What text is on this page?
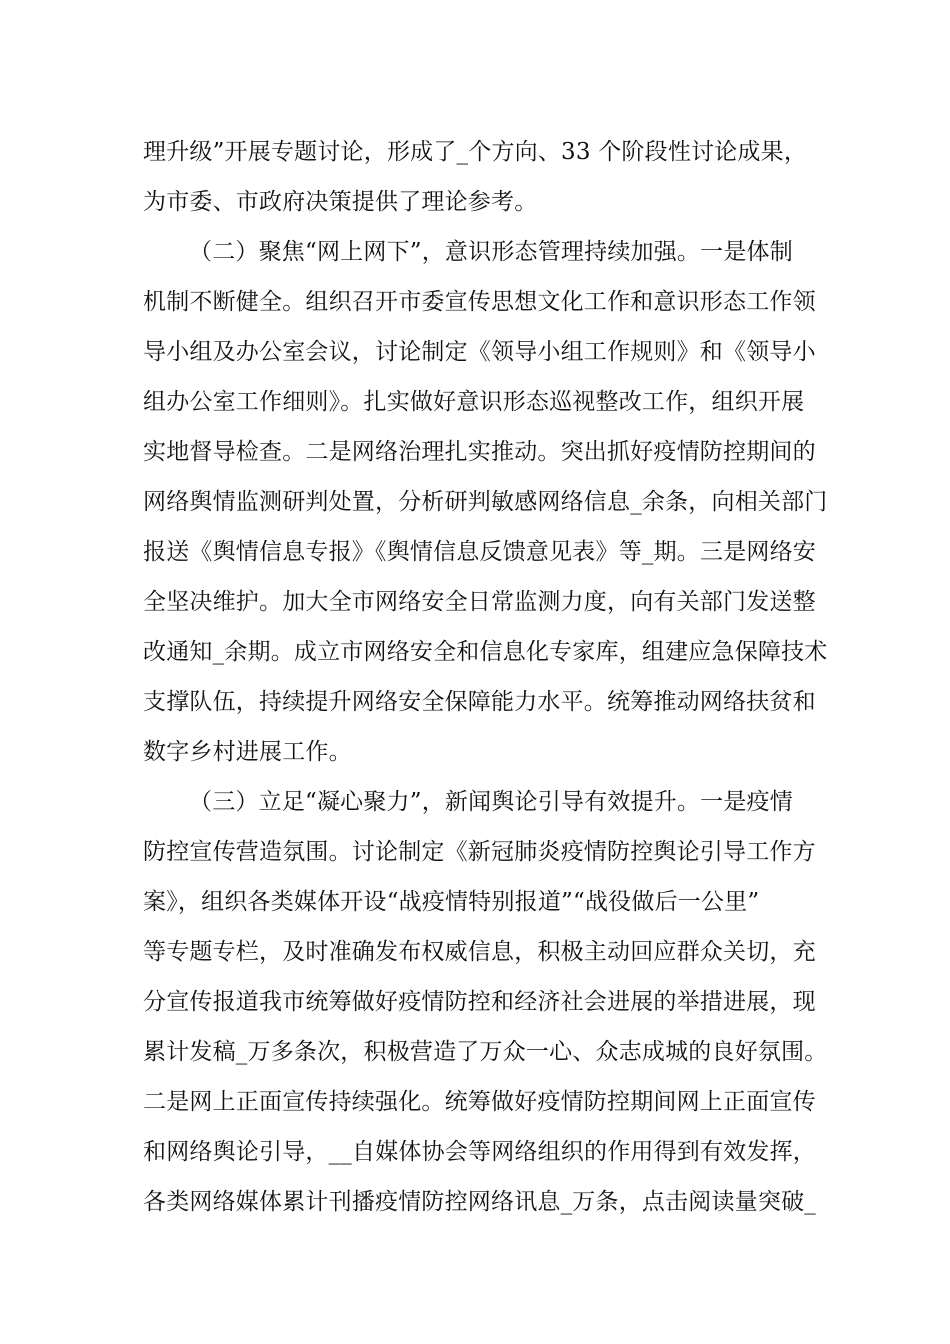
理升级”开展专题讨论，形成了_个方向、33 个阶段性讨论成果，
为市委、市政府决策提供了理论参考。
（二）聚焦“网上网下”，意识形态管理持续加强。一是体制
机制不断健全。组织召开市委宣传思想文化工作和意识形态工作领
导小组及办公室会议，讨论制定《领导小组工作规则》和《领导小
组办公室工作细则》。扎实做好意识形态巡视整改工作，组织开展
实地督导检查。二是网络治理扎实推动。突出抓好疫情防控期间的
网络舆情监测研判处置，分析研判敏感网络信息_余条，向相关部门
报送《舆情信息专报》《舆情信息反馈意见表》等_期。三是网络安
全坚决维护。加大全市网络安全日常监测力度，向有关部门发送整
改通知_余期。成立市网络安全和信息化专家库，组建应急保障技术
支撑队伍，持续提升网络安全保障能力水平。统筹推动网络扶贫和
数字乡村进展工作。
（三）立足“凝心聚力”，新闻舆论引导有效提升。一是疫情
防控宣传营造氛围。讨论制定《新冠肺炎疫情防控舆论引导工作方
案》，组织各类媒体开设“战疫情特别报道”“战役做后一公里”
等专题专栏，及时准确发布权威信息，积极主动回应群众关切，充
分宣传报道我市统筹做好疫情防控和经济社会进展的举措进展，现
累计发稿_万多条次，积极营造了万众一心、众志成城的良好氛围。
二是网上正面宣传持续强化。统筹做好疫情防控期间网上正面宣传
和网络舆论引导，__自媒体协会等网络组织的作用得到有效发挥，
各类网络媒体累计刊播疫情防控网络讯息_万条，点击阅读量突破_
